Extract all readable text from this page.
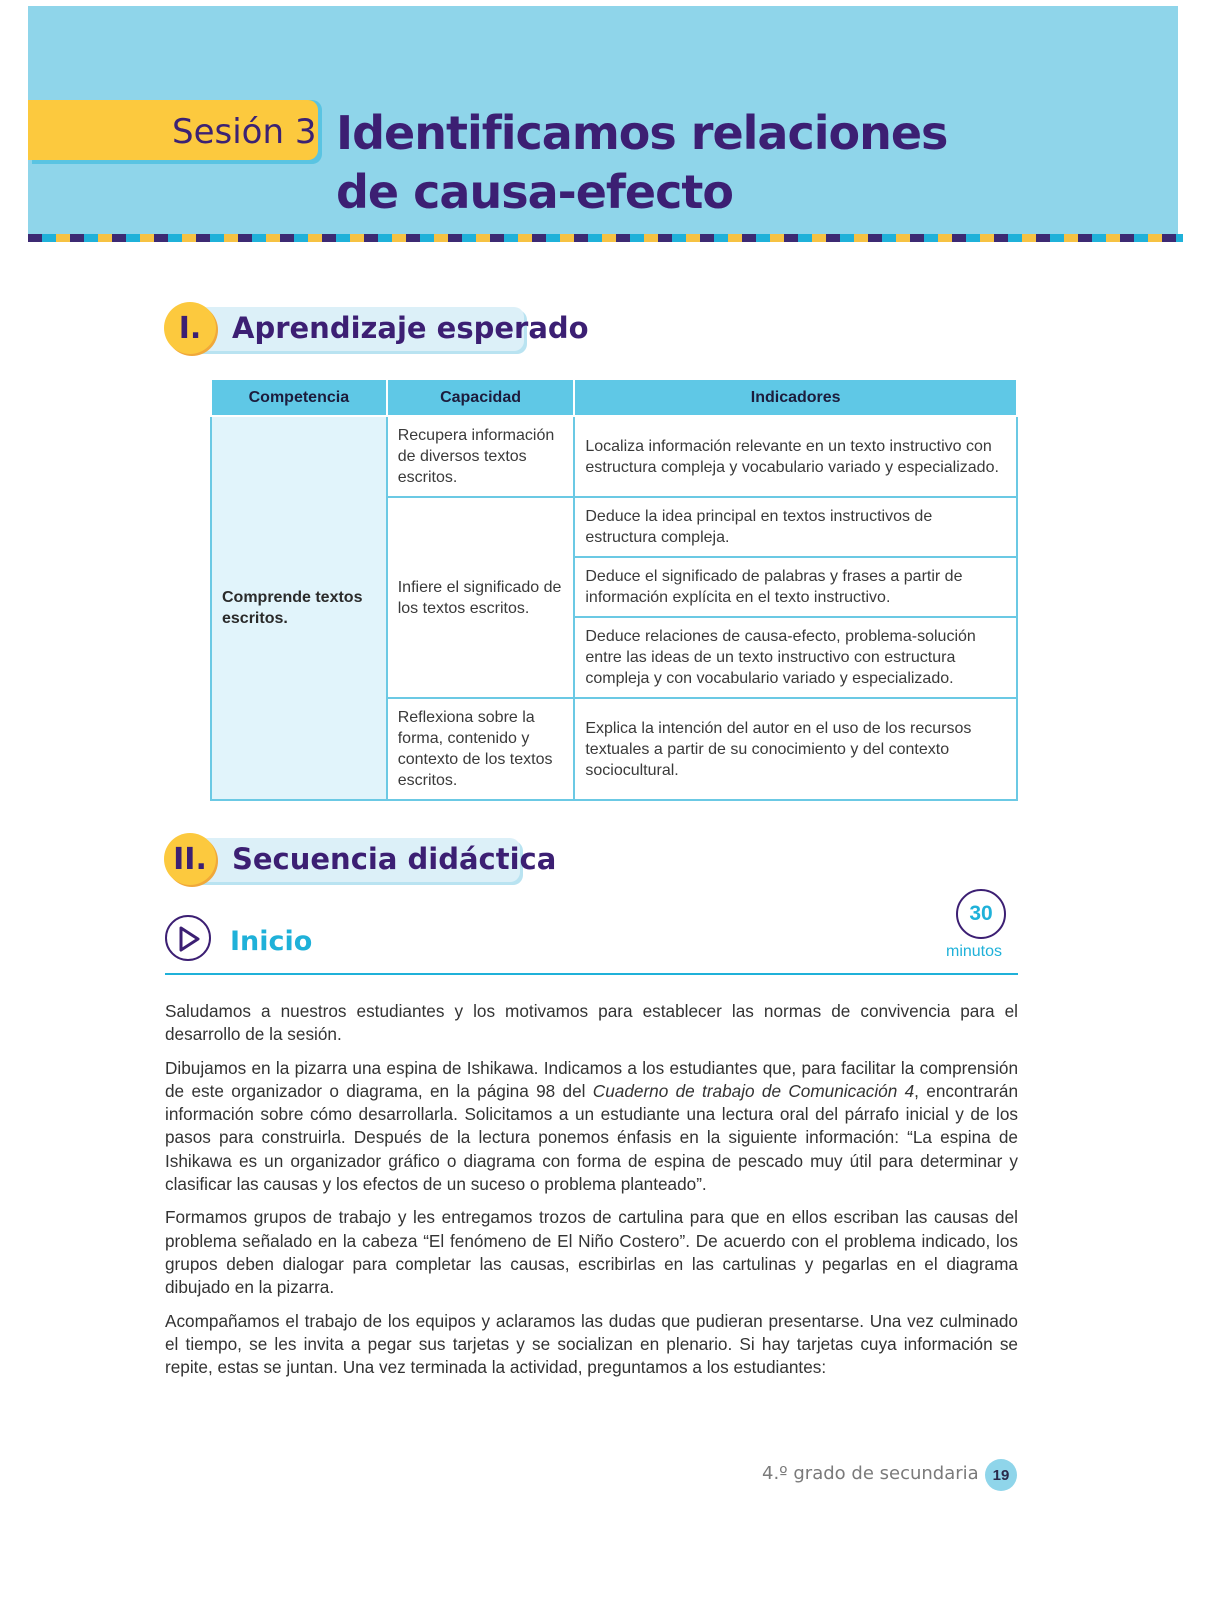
Sesión 3 Identificamos relaciones
de causa-efecto
I.	Aprendizaje esperado
Competencia	Capacidad	Indicadores
Comprende textos escritos.	Recupera información de diversos textos escritos.	Localiza información relevante en un texto instructivo con estructura compleja y vocabulario variado y especializado.
	Infiere el significado de los textos escritos.	Deduce la idea principal en textos instructivos de estructura compleja.
		Deduce el significado de palabras y frases a partir de información explícita en el texto instructivo.
		Deduce relaciones de causa-efecto, problema-solución entre las ideas de un texto instructivo con estructura compleja y con vocabulario variado y especializado.
	Reflexiona sobre la forma, contenido y contexto de los textos escritos.	Explica la intención del autor en el uso de los recursos textuales a partir de su conocimiento y del contexto sociocultural.
II. Secuencia didáctica
Inicio
30
minutos

Saludamos a nuestros estudiantes y los motivamos para establecer las normas de convivencia para el desarrollo de la sesión.

Dibujamos en la pizarra una espina de Ishikawa. Indicamos a los estudiantes que, para facilitar la comprensión de este organizador o diagrama, en la página 98 del Cuaderno de trabajo de Comunicación 4, encontrarán información sobre cómo desarrollarla. Solicitamos a un estudiante una lectura oral del párrafo inicial y de los pasos para construirla. Después de la lectura ponemos énfasis en la siguiente información: “La espina de Ishikawa es un organizador gráfico o diagrama con forma de espina de pescado muy útil para determinar y clasificar las causas y los efectos de un suceso o problema planteado”.

Formamos grupos de trabajo y les entregamos trozos de cartulina para que en ellos escriban las causas del problema señalado en la cabeza “El fenómeno de El Niño Costero”. De acuerdo con el problema indicado, los grupos deben dialogar para completar las causas, escribirlas en las cartulinas y pegarlas en el diagrama dibujado en la pizarra.

Acompañamos el trabajo de los equipos y aclaramos las dudas que pudieran presentarse. Una vez culminado el tiempo, se les invita a pegar sus tarjetas y se socializan en plenario. Si hay tarjetas cuya información se repite, estas se juntan. Una vez terminada la actividad, preguntamos a los estudiantes:

4.º grado de secundaria 19
